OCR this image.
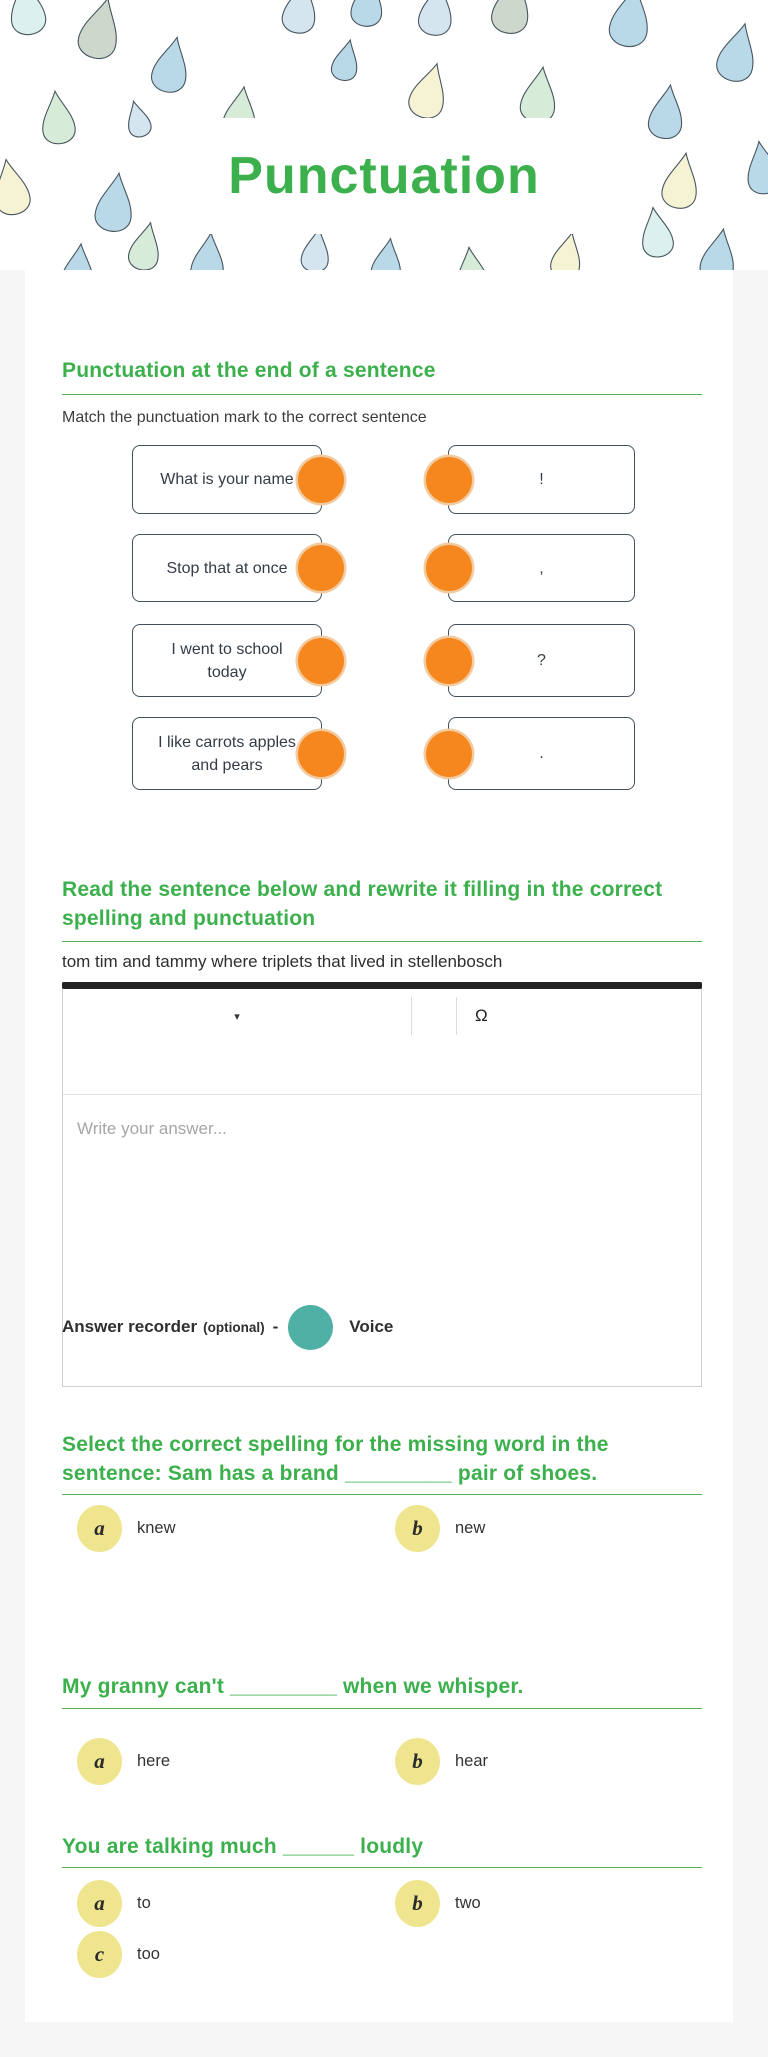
Punctuation
Punctuation at the end of a sentence
Match the punctuation mark to the correct sentence
What is your name	!
Stop that at once	,
I went to school today
?
I like carrots apples and pears
.
Read the sentence below and rewrite it filling in the correct spelling and punctuation
tom tim and tammy where triplets that lived in stellenbosch
▾	Ω
Write your answer...
Answer recorder (optional) -	Voice
Select the correct spelling for the missing word in the sentence: Sam has a brand _________ pair of shoes.
a	knew	b	new
My granny can't _________ when we whisper.
a	here	b	hear
You are talking much ______ loudly
a	to	b	two
c	too
